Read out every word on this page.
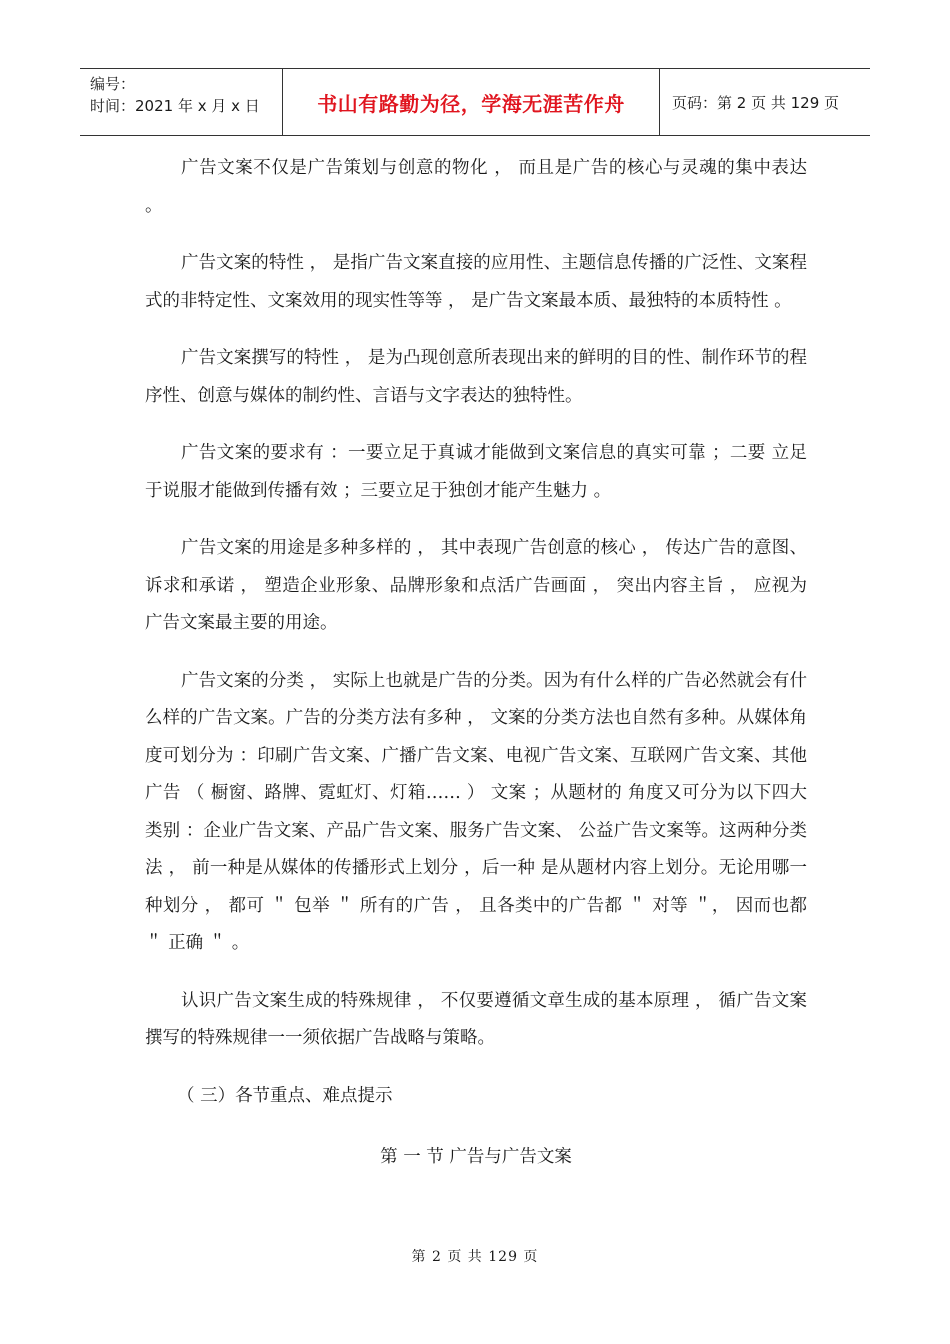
编号：
时间：2021 年 x 月 x 日	书山有路勤为径，学海无涯苦作舟	页码：第 2 页 共 129 页

广告文案不仅是广告策划与创意的物化 ， 而且是广告的核心与灵魂的集中表达 。

广告文案的特性 ， 是指广告文案直接的应用性、主题信息传播的广泛性、文案程式的非特定性、文案效用的现实性等等 ， 是广告文案最本质、最独特的本质特性 。

广告文案撰写的特性 ， 是为凸现创意所表现出来的鲜明的目的性、制作环节的程序性、创意与媒体的制约性、言语与文字表达的独特性。

广告文案的要求有 ：一要立足于真诚才能做到文案信息的真实可靠 ；二要 立足于说服才能做到传播有效 ；三要立足于独创才能产生魅力 。

广告文案的用途是多种多样的 ， 其中表现广告创意的核心 ， 传达广告的意图、诉求和承诺 ， 塑造企业形象、品牌形象和点活广告画面 ， 突出内容主旨 ， 应视为广告文案最主要的用途。

广告文案的分类 ， 实际上也就是广告的分类。因为有什么样的广告必然就会有什么样的广告文案。广告的分类方法有多种 ， 文案的分类方法也自然有多种。从媒体角度可划分为 ：印刷广告文案、广播广告文案、电视广告文案、互联网广告文案、其他广告 （ 橱窗、路牌、霓虹灯、灯箱…… ） 文案 ；从题材的 角度又可分为以下四大类别 ：企业广告文案、产品广告文案、服务广告文案、 公益广告文案等。这两种分类法 ， 前一种是从媒体的传播形式上划分 ，后一种 是从题材内容上划分。无论用哪一种划分 ， 都可 ＂ 包举 ＂ 所有的广告 ， 且各类中的广告都 ＂ 对等 ＂， 因而也都 ＂ 正确 ＂ 。

认识广告文案生成的特殊规律 ， 不仅要遵循文章生成的基本原理 ， 循广告文案撰写的特殊规律一一须依据广告战略与策略。

（ 三）各节重点、难点提示
第 一 节 广告与广告文案
第 2 页 共 129 页
